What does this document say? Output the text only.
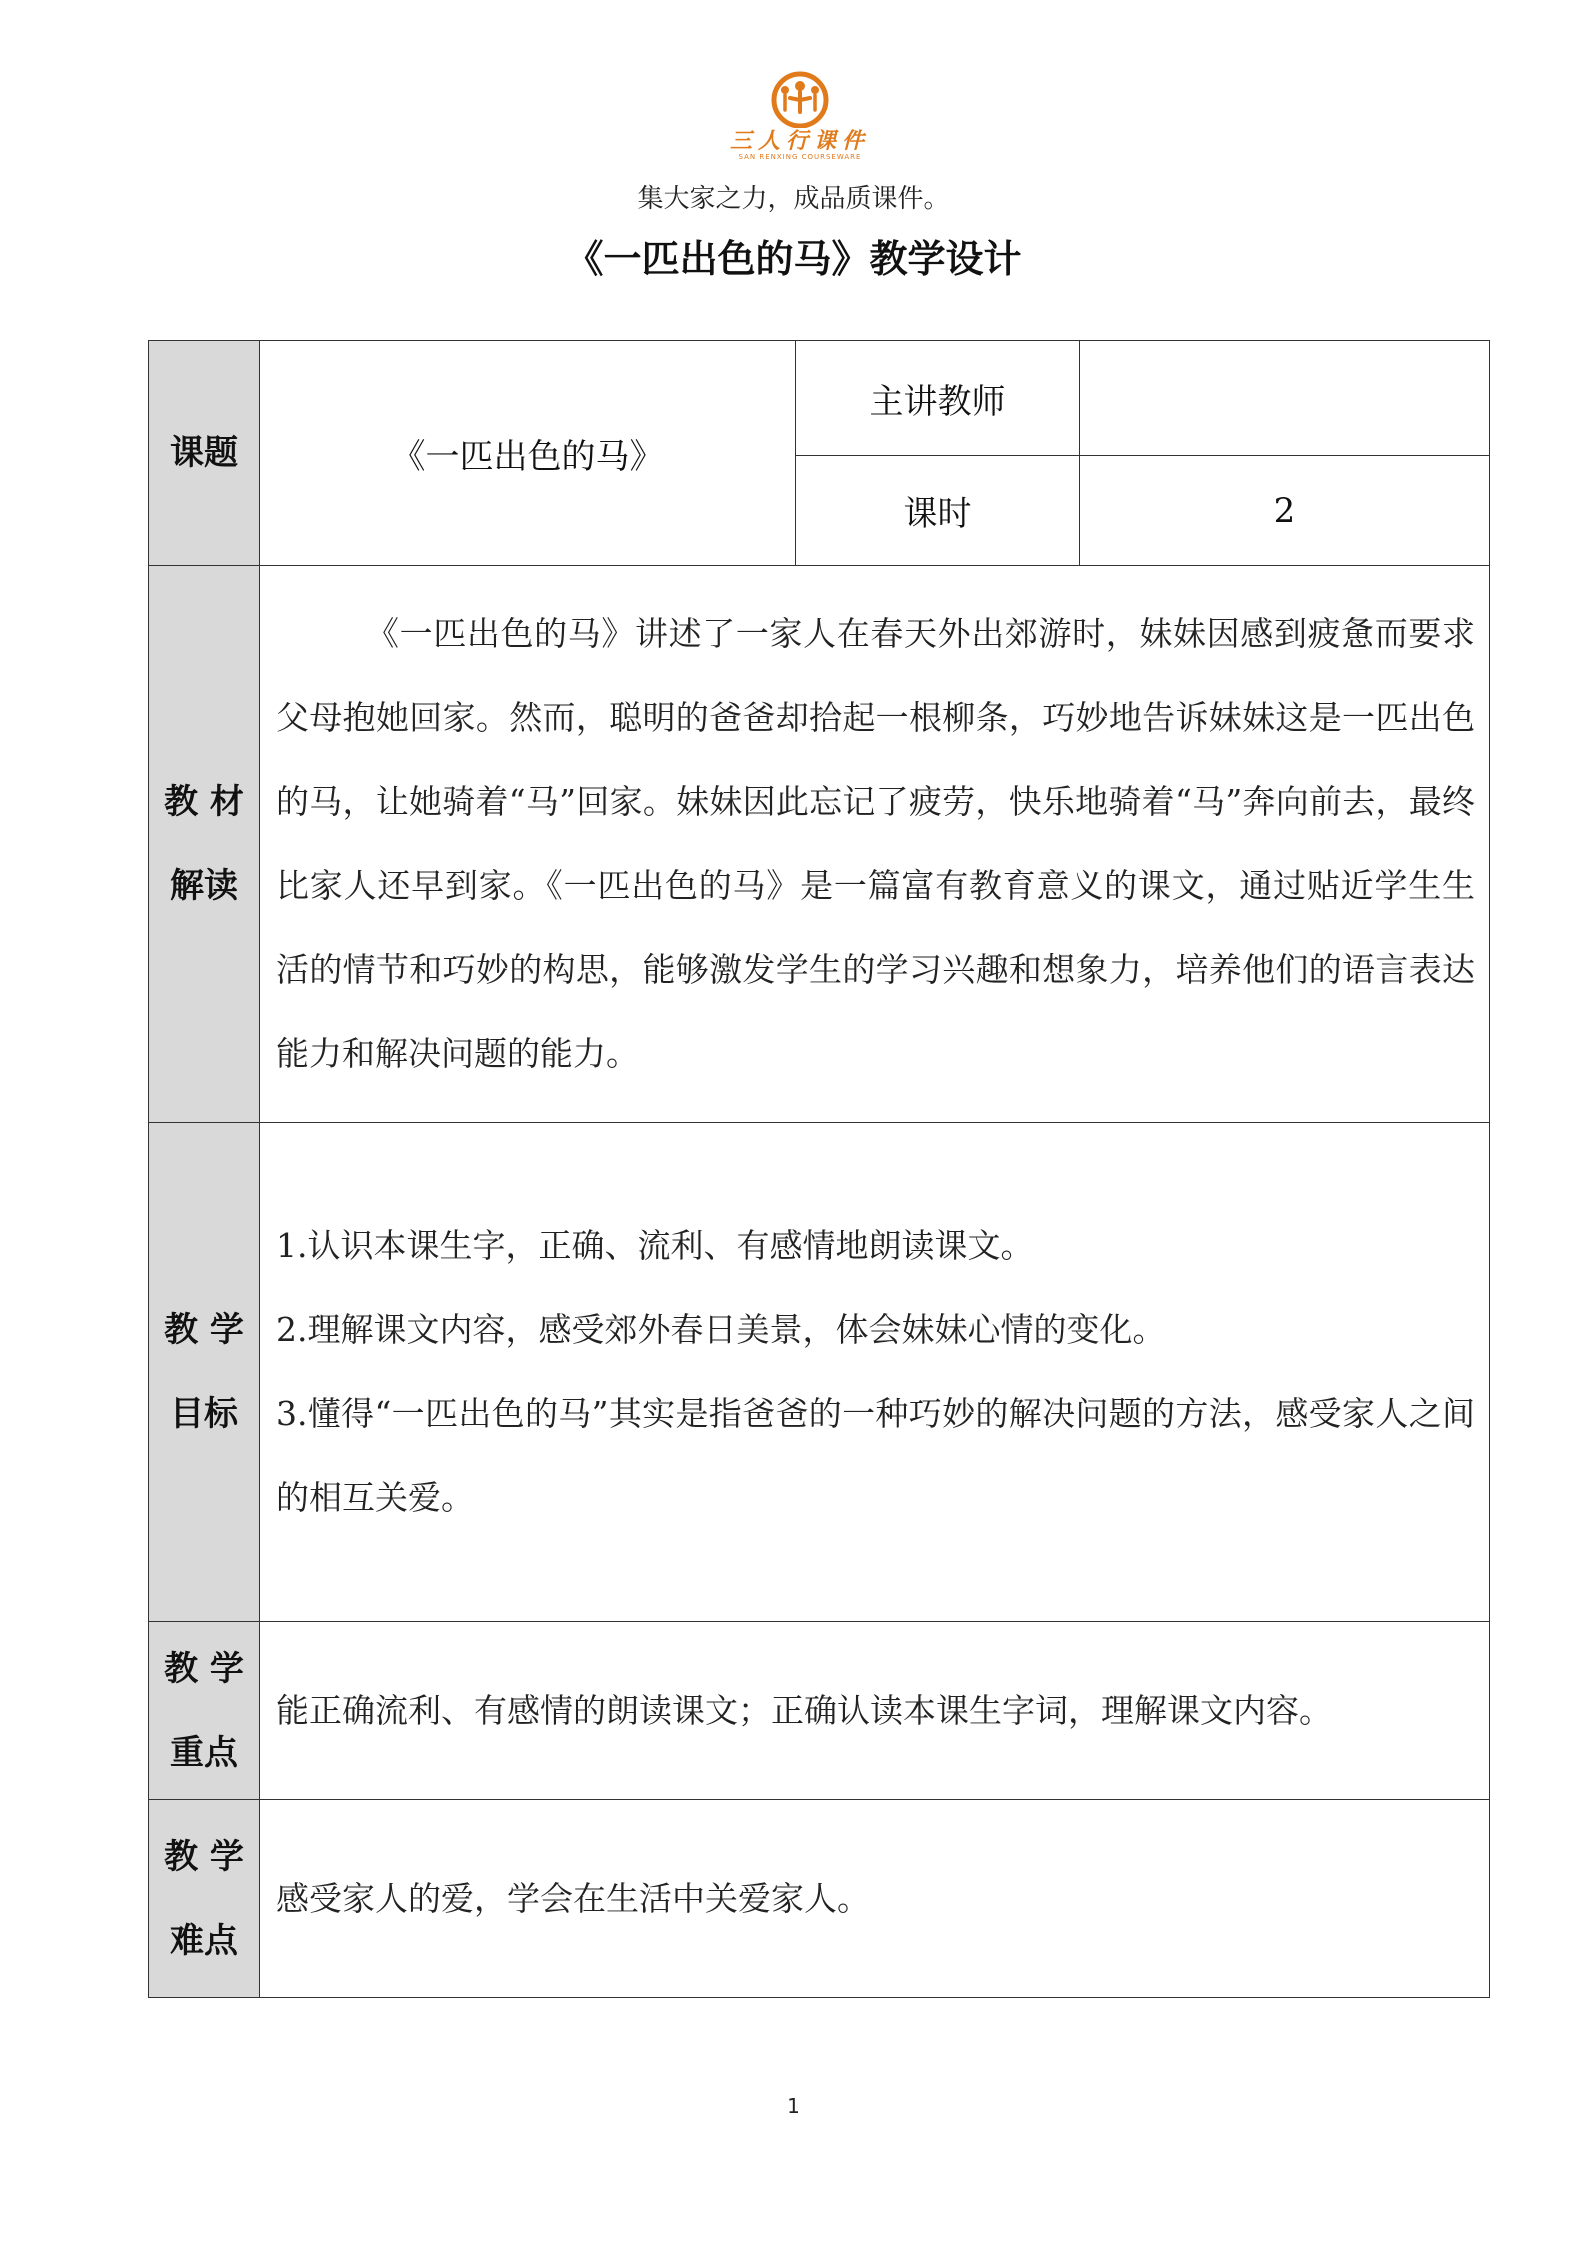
三人行课件
SAN RENXING COURSEWARE
集大家之力，成品质课件。
《一匹出色的马》教学设计
课题	《一匹出色的马》	主讲教师	
		课时	2

教 材 解读	《一匹出色的马》讲述了一家人在春天外出郊游时，妹妹因感到疲惫而要求父母抱她回家。然而，聪明的爸爸却拾起一根柳条，巧妙地告诉妹妹这是一匹出色的马，让她骑着“马”回家。妹妹因此忘记了疲劳，快乐地骑着“马”奔向前去，最终比家人还早到家。《一匹出色的马》是一篇富有教育意义的课文，通过贴近学生生活的情节和巧妙的构思，能够激发学生的学习兴趣和想象力，培养他们的语言表达能力和解决问题的能力。		

教 学 目标	1.认识本课生字，正确、流利、有感情地朗读课文。
2.理解课文内容，感受郊外春日美景，体会妹妹心情的变化。
3.懂得“一匹出色的马”其实是指爸爸的一种巧妙的解决问题的方法，感受家人之间的相互关爱。		

教 学 重点	能正确流利、有感情的朗读课文；正确认读本课生字词，理解课文内容。		

教 学 难点	感受家人的爱，学会在生活中关爱家人。		
1
